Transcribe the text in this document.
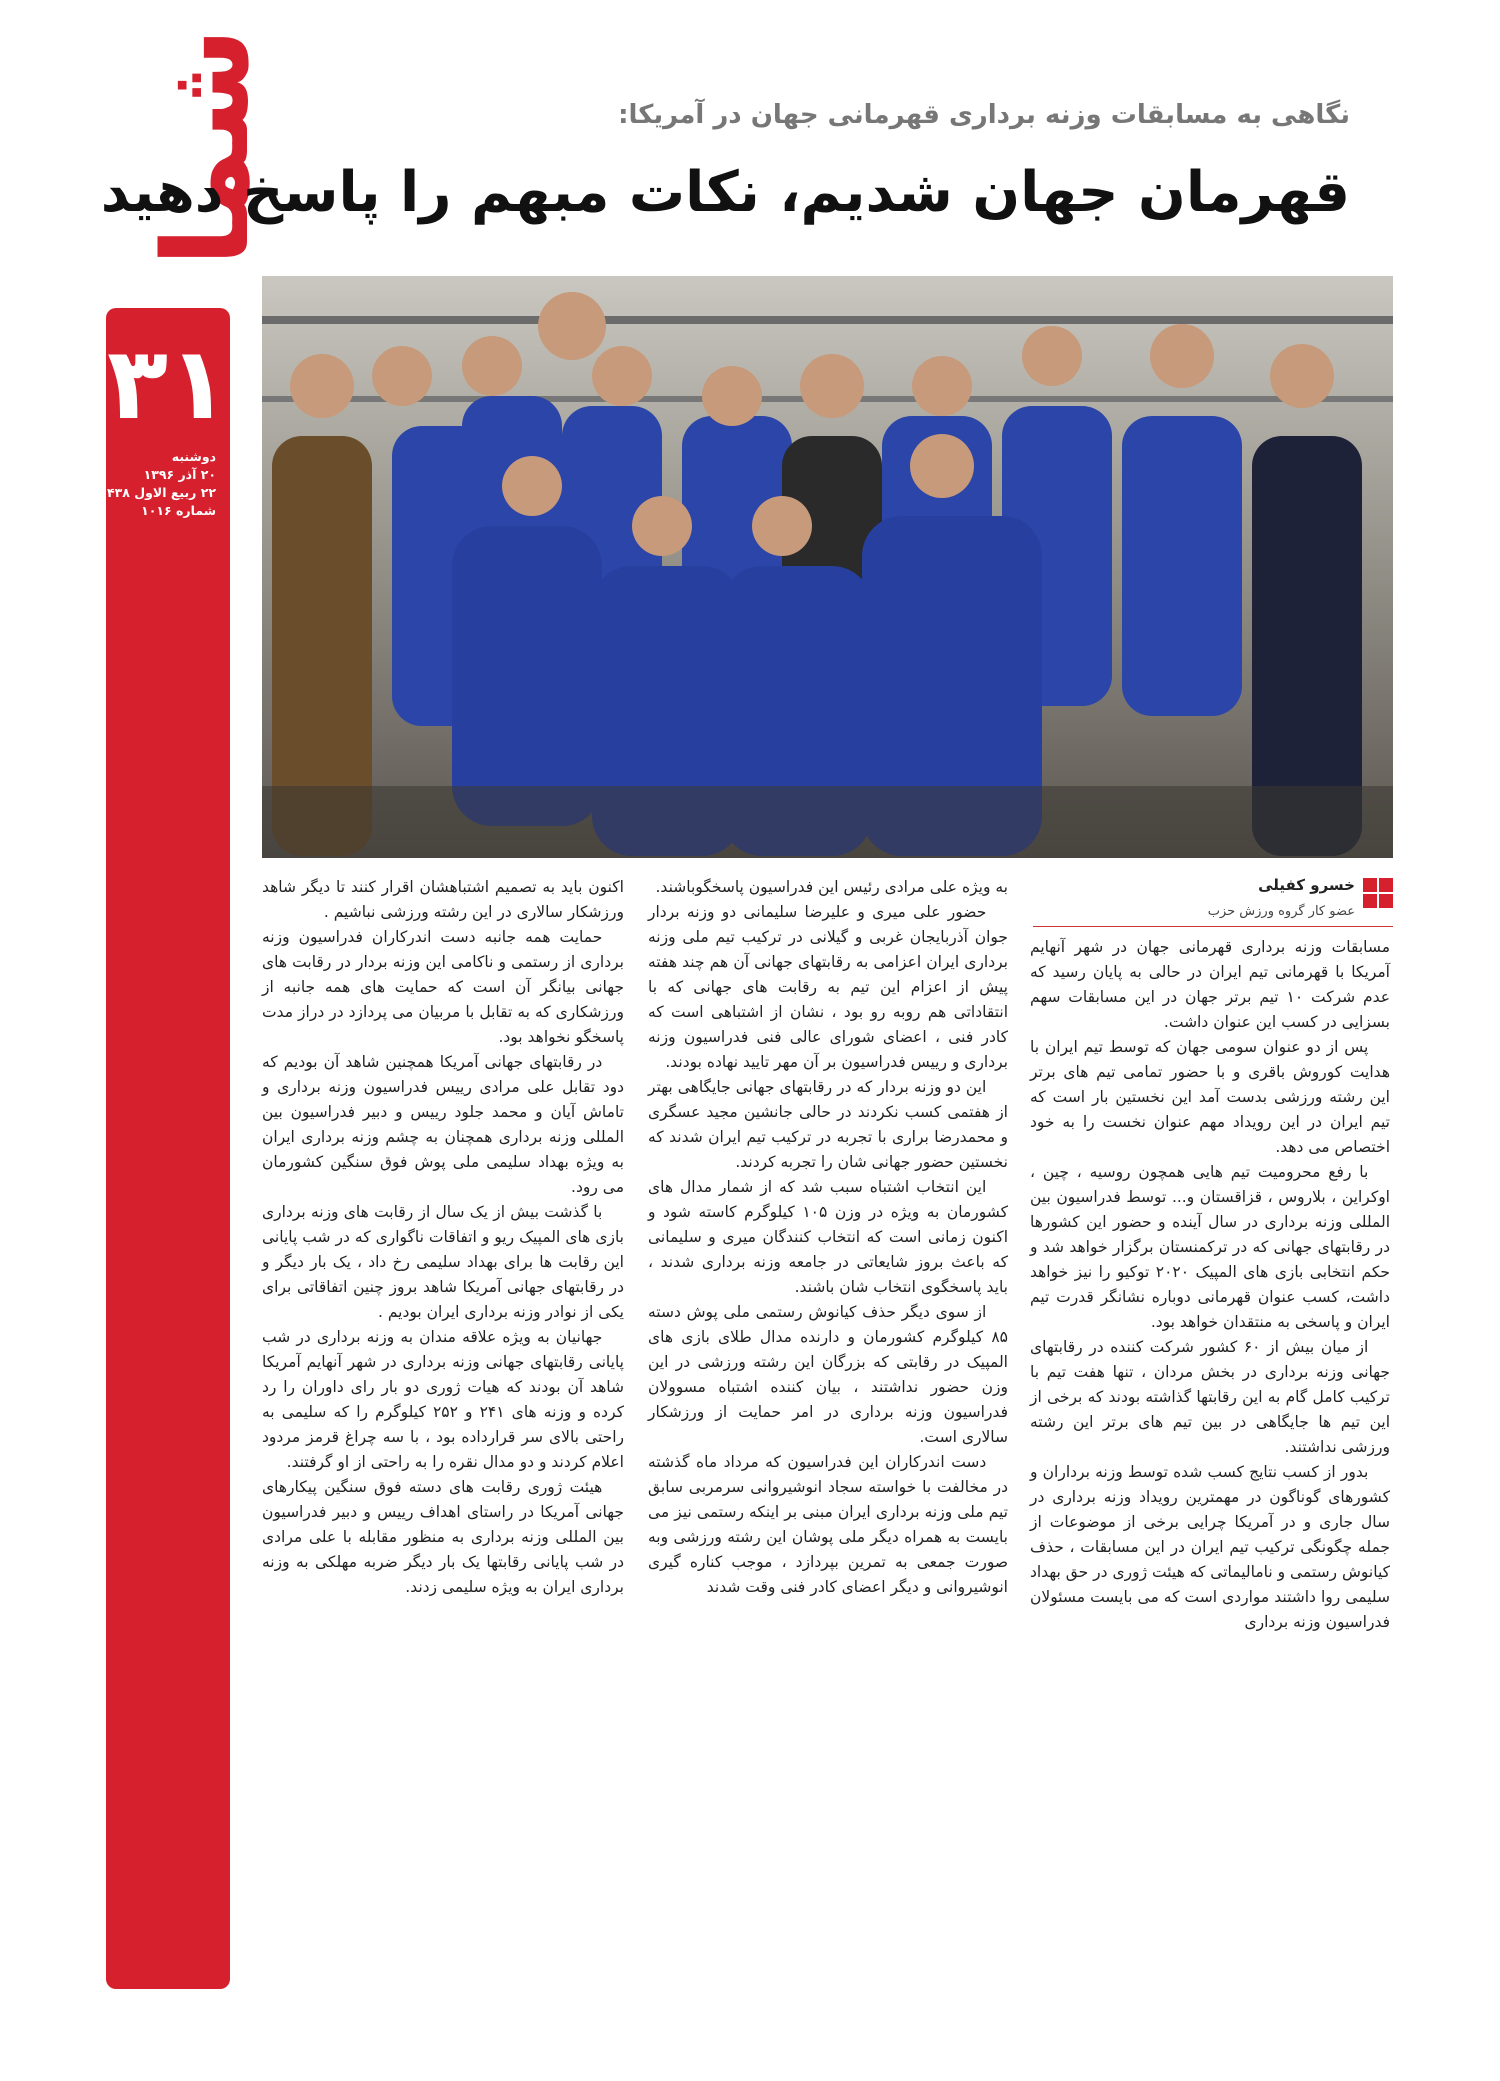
۳۱
دوشنبه
۲۰ آذر ۱۳۹۶
۲۲ ربیع الاول ۱۴۳۸
شماره ۱۰۱۶
شما	نگاهی به مسابقات وزنه برداری قهرمانی جهان در آمریکا:
قهرمان جهان شدیم، نکات مبهم را پاسخ دهید
خسرو کفیلی
عضو کار گروه ورزش حزب

مسابقات وزنه برداری قهرمانی جهان در شهر آنهایم آمریکا با قهرمانی تیم ایران در حالی به پایان رسید که عدم شرکت ۱۰ تیم برتر جهان در این مسابقات سهم بسزایی در کسب این عنوان داشت.

پس از دو عنوان سومی جهان که توسط تیم ایران با هدایت کوروش باقری و با حضور تمامی تیم های برتر این رشته ورزشی بدست آمد این نخستین بار است که تیم ایران در این رویداد مهم عنوان نخست را به خود اختصاص می دهد.

با رفع محرومیت تیم هایی همچون روسیه ، چین ، اوکراین ، بلاروس ، قزاقستان و... توسط فدراسیون بین المللی وزنه برداری در سال آینده و حضور این کشورها در رقابتهای جهانی که در ترکمنستان برگزار خواهد شد و حکم انتخابی بازی های المپیک ۲۰۲۰ توکیو را نیز خواهد داشت، کسب عنوان قهرمانی دوباره نشانگر قدرت تیم ایران و پاسخی به منتقدان خواهد بود.

از میان بیش از ۶۰ کشور شرکت کننده در رقابتهای جهانی وزنه برداری در بخش مردان ، تنها هفت تیم با ترکیب کامل گام به این رقابتها گذاشته بودند که برخی از این تیم ها جایگاهی در بین تیم های برتر این رشته ورزشی نداشتند.

بدور از کسب نتایج کسب شده توسط وزنه برداران و کشورهای گوناگون در مهمترین رویداد وزنه برداری در سال جاری و در آمریکا چرایی برخی از موضوعات از جمله چگونگی ترکیب تیم ایران در این مسابقات ، حذف کیانوش رستمی و نامالیماتی که هیئت ژوری در حق بهداد سلیمی روا داشتند مواردی است که می بایست مسئولان فدراسیون وزنه برداری

به ویژه علی مرادی رئیس این فدراسیون پاسخگوباشند.

حضور علی میری و علیرضا سلیمانی دو وزنه بردار جوان آذربایجان غربی و گیلانی در ترکیب تیم ملی وزنه برداری ایران اعزامی به رقابتهای جهانی آن هم چند هفته پیش از اعزام این تیم به رقابت های جهانی که با انتقاداتی هم روبه رو بود ، نشان از اشتباهی است که کادر فنی ، اعضای شورای عالی فنی فدراسیون وزنه برداری و رییس فدراسیون بر آن مهر تایید نهاده بودند.

این دو وزنه بردار که در رقابتهای جهانی جایگاهی بهتر از هفتمی کسب نکردند در حالی جانشین مجید عسگری و محمدرضا براری با تجربه در ترکیب تیم ایران شدند که نخستین حضور جهانی شان را تجربه کردند.

این انتخاب اشتباه سبب شد که از شمار مدال های کشورمان به ویژه در وزن ۱۰۵ کیلوگرم کاسته شود و اکنون زمانی است که انتخاب کنندگان میری و سلیمانی که باعث بروز شایعاتی در جامعه وزنه برداری شدند ، باید پاسخگوی انتخاب شان باشند.

از سوی دیگر حذف کیانوش رستمی ملی پوش دسته ۸۵ کیلوگرم کشورمان و دارنده مدال طلای بازی های المپیک در رقابتی که بزرگان این رشته ورزشی در این وزن حضور نداشتند ، بیان کننده اشتباه مسوولان فدراسیون وزنه برداری در امر حمایت از ورزشکار سالاری است.

دست اندرکاران این فدراسیون که مرداد ماه گذشته در مخالفت با خواسته سجاد انوشیروانی سرمربی سابق تیم ملی وزنه برداری ایران مبنی بر اینکه رستمی نیز می بایست به همراه دیگر ملی پوشان این رشته ورزشی وبه صورت جمعی به تمرین بپردازد ، موجب کناره گیری انوشیروانی و دیگر اعضای کادر فنی وقت شدند

اکنون باید به تصمیم اشتباهشان اقرار کنند تا دیگر شاهد ورزشکار سالاری در این رشته ورزشی نباشیم .

حمایت همه جانبه دست اندرکاران فدراسیون وزنه برداری از رستمی و ناکامی این وزنه بردار در رقابت های جهانی بیانگر آن است که حمایت های همه جانبه از ورزشکاری که به تقابل با مربیان می پردازد در دراز مدت پاسخگو نخواهد بود.

در رقابتهای جهانی آمریکا همچنین شاهد آن بودیم که دود تقابل علی مرادی رییس فدراسیون وزنه برداری و تاماش آیان و محمد جلود رییس و دبیر فدراسیون بین المللی وزنه برداری همچنان به چشم وزنه برداری ایران به ویژه بهداد سلیمی ملی پوش فوق سنگین کشورمان می رود.

با گذشت بیش از یک سال از رقابت های وزنه برداری بازی های المپیک ریو و اتفاقات ناگواری که در شب پایانی این رقابت ها برای بهداد سلیمی رخ داد ، یک بار دیگر و در رقابتهای جهانی آمریکا شاهد بروز چنین اتفاقاتی برای یکی از نوادر وزنه برداری ایران بودیم .

جهانیان به ویژه علاقه مندان به وزنه برداری در شب پایانی رقابتهای جهانی وزنه برداری در شهر آنهایم آمریکا شاهد آن بودند که هیات ژوری دو بار رای داوران را رد کرده و وزنه های ۲۴۱ و ۲۵۲ کیلوگرم را که سلیمی به راحتی بالای سر قرارداده بود ، با سه چراغ قرمز مردود اعلام کردند و دو مدال نقره را به راحتی از او گرفتند.

هیئت ژوری رقابت های دسته فوق سنگین پیکارهای جهانی آمریکا در راستای اهداف رییس و دبیر فدراسیون بین المللی وزنه برداری به منظور مقابله با علی مرادی در شب پایانی رقابتها یک بار دیگر ضربه مهلکی به وزنه برداری ایران به ویژه سلیمی زدند.
